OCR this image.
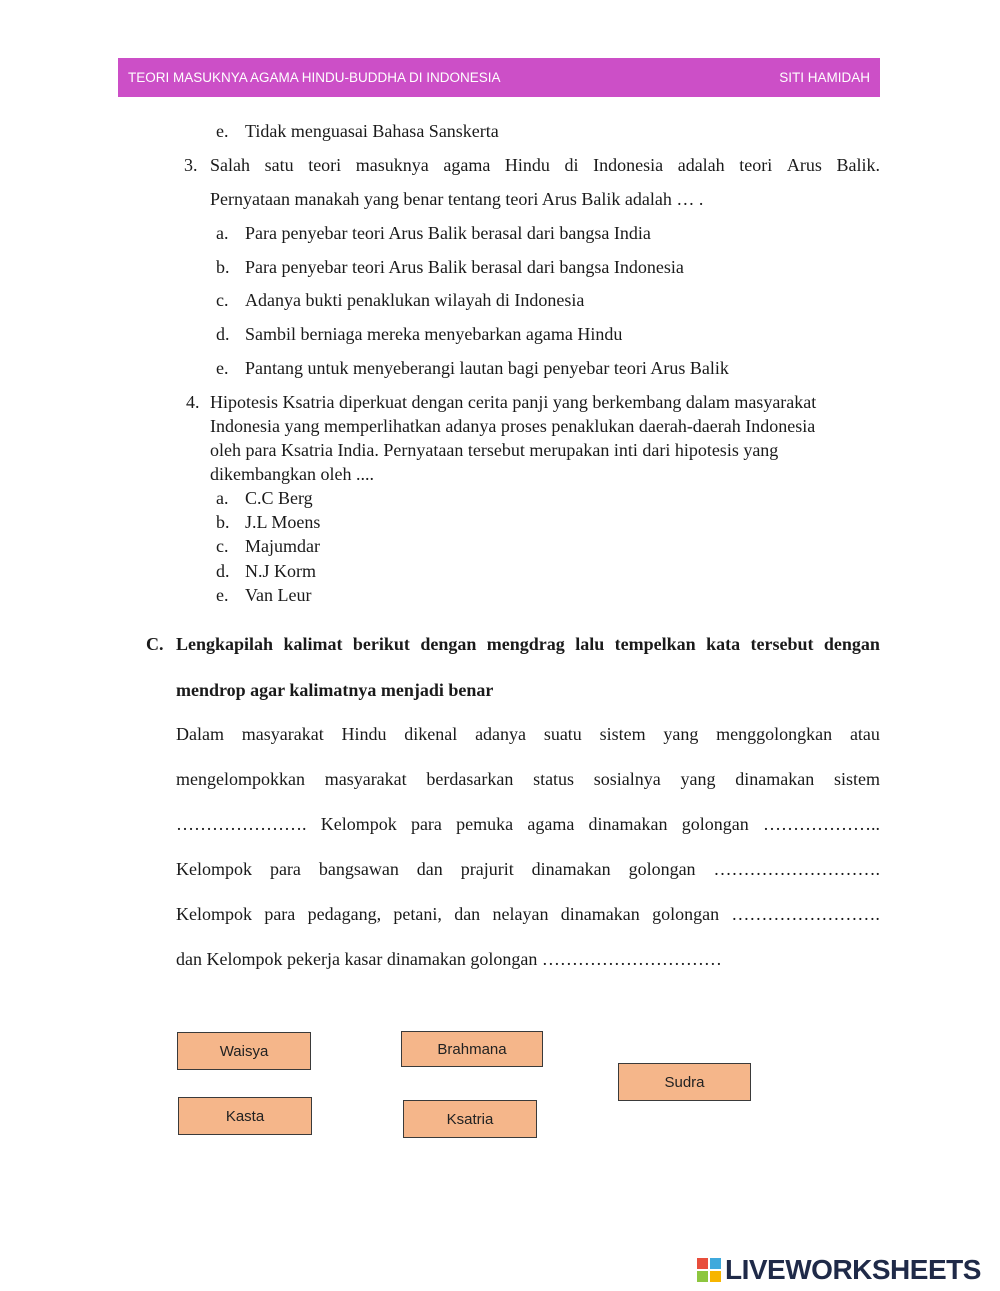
TEORI MASUKNYA AGAMA HINDU-BUDDHA DI INDONESIA	SITI HAMIDAH
e. Tidak menguasai Bahasa Sanskerta
3. Salah satu teori masuknya agama Hindu di Indonesia adalah teori Arus Balik.
Pernyataan manakah yang benar tentang teori Arus Balik adalah … .
a. Para penyebar teori Arus Balik berasal dari bangsa India
b. Para penyebar teori Arus Balik berasal dari bangsa Indonesia
c. Adanya bukti penaklukan wilayah di Indonesia
d. Sambil berniaga mereka menyebarkan agama Hindu
e. Pantang untuk menyeberangi lautan bagi penyebar teori Arus Balik
4. Hipotesis Ksatria diperkuat dengan cerita panji yang berkembang dalam masyarakat
Indonesia yang memperlihatkan adanya proses penaklukan daerah-daerah Indonesia
oleh para Ksatria India. Pernyataan tersebut merupakan inti dari hipotesis yang
dikembangkan oleh ....
a. C.C Berg
b. J.L Moens
c. Majumdar
d. N.J Korm
e. Van Leur
C. Lengkapilah kalimat berikut dengan mengdrag lalu tempelkan kata tersebut dengan
mendrop agar kalimatnya menjadi benar
Dalam masyarakat Hindu dikenal adanya suatu sistem yang menggolongkan atau
mengelompokkan masyarakat berdasarkan status sosialnya yang dinamakan sistem
…………………. Kelompok para pemuka agama dinamakan golongan ………………..
Kelompok para bangsawan dan prajurit dinamakan golongan ……………………….
Kelompok para pedagang, petani, dan nelayan dinamakan golongan …………………….
dan Kelompok pekerja kasar dinamakan golongan …………………………
Waisya	Brahmana
Sudra
Kasta	Ksatria
LIVEWORKSHEETS
